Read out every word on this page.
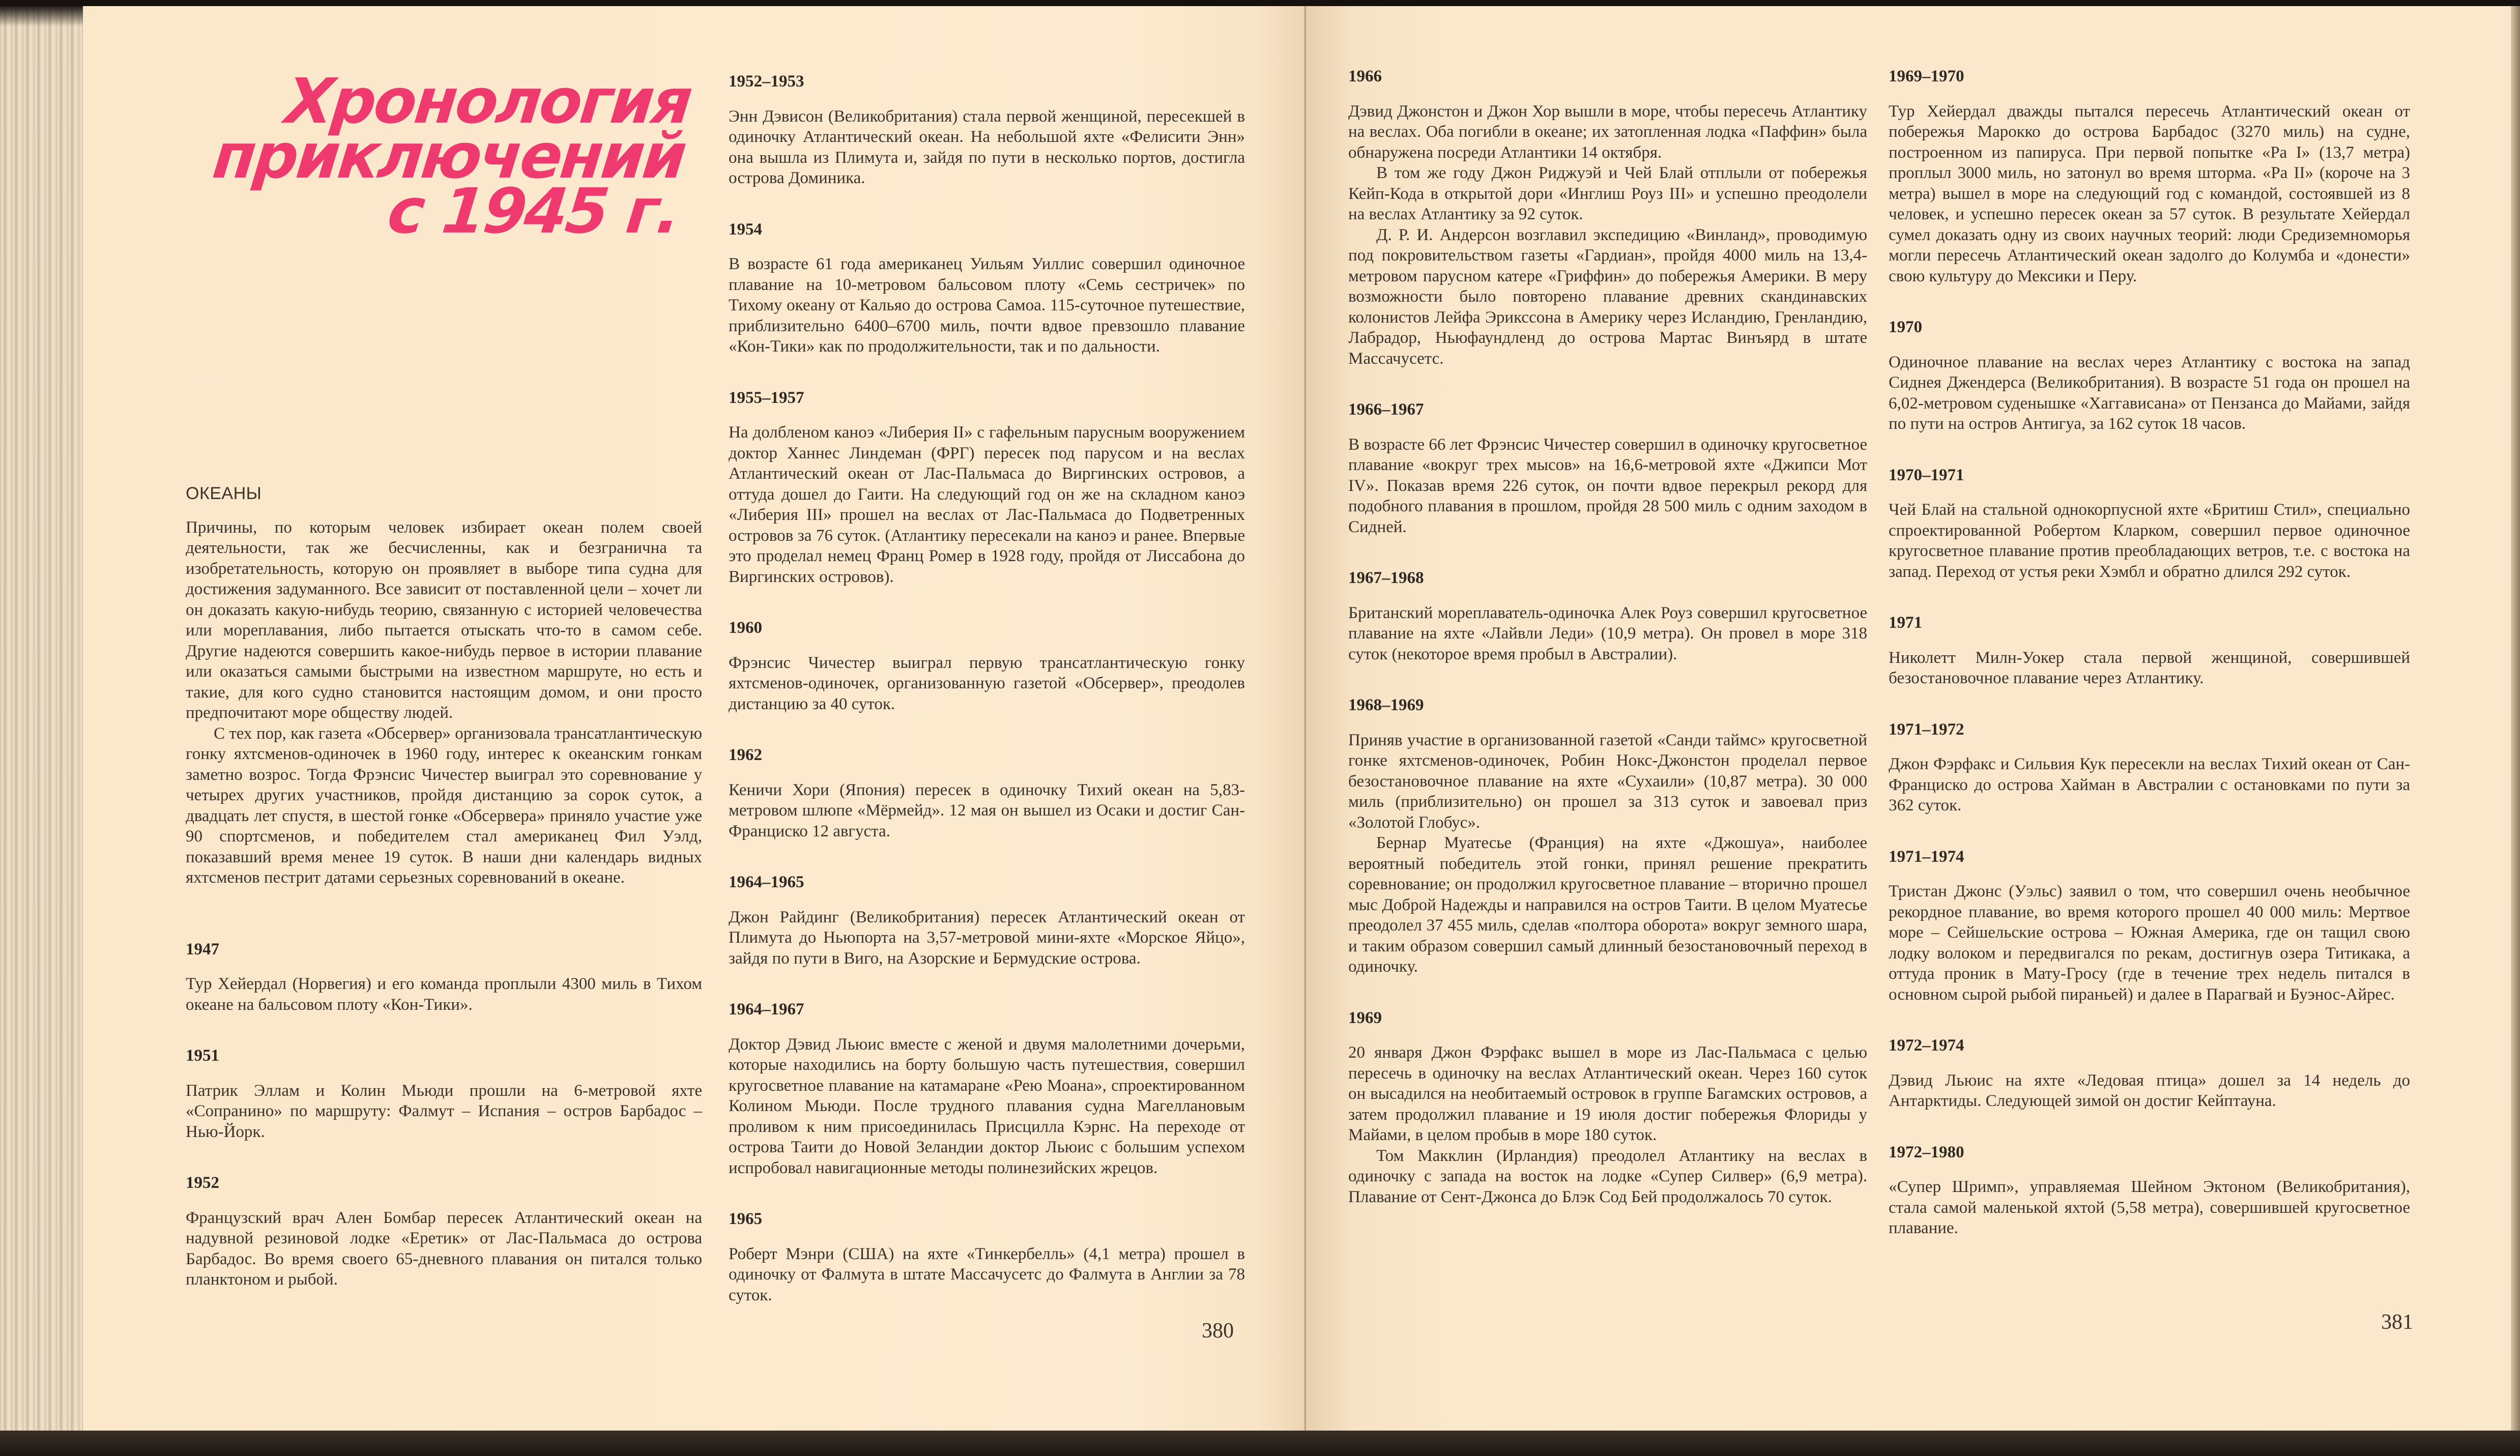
Хронология
приключений
с 1945 г.
ОКЕАНЫ

Причины, по которым человек избирает океан полем своей деятельности, так же бесчисленны, как и безгранична та изобретательность, которую он проявляет в выборе типа судна для достижения задуманного. Все зависит от поставленной цели – хочет ли он доказать какую-нибудь теорию, связанную с историей человечества или мореплавания, либо пытается отыскать что-то в самом себе. Другие надеются совершить какое-нибудь первое в истории плавание или оказаться самыми быстрыми на известном маршруте, но есть и такие, для кого судно становится настоящим домом, и они просто предпочитают море обществу людей.

С тех пор, как газета «Обсервер» организовала трансатлантическую гонку яхтсменов-одиночек в 1960 году, интерес к океанским гонкам заметно возрос. Тогда Фрэнсис Чичестер выиграл это соревнование у четырех других участников, пройдя дистанцию за сорок суток, а двадцать лет спустя, в шестой гонке «Обсервера» приняло участие уже 90 спортсменов, и победителем стал американец Фил Уэлд, показавший время менее 19 суток. В наши дни календарь видных яхтсменов пестрит датами серьезных соревнований в океане.

1947

Тур Хейердал (Норвегия) и его команда проплыли 4300 миль в Тихом океане на бальсовом плоту «Кон-Тики».

1951

Патрик Эллам и Колин Мьюди прошли на 6-метровой яхте «Сопранино» по маршруту: Фалмут – Испания – остров Барбадос – Нью-Йорк.

1952

Французский врач Ален Бомбар пересек Атлантический океан на надувной резиновой лодке «Еретик» от Лас-Пальмаса до острова Барбадос. Во время своего 65-дневного плавания он питался только планктоном и рыбой.

1952–1953

Энн Дэвисон (Великобритания) стала первой женщиной, пересекшей в одиночку Атлантический океан. На небольшой яхте «Фелисити Энн» она вышла из Плимута и, зайдя по пути в несколько портов, достигла острова Доминика.

1954

В возрасте 61 года американец Уильям Уиллис совершил одиночное плавание на 10-метровом бальсовом плоту «Семь сестричек» по Тихому океану от Кальяо до острова Самоа. 115-суточное путешествие, приблизительно 6400–6700 миль, почти вдвое превзошло плавание «Кон-Тики» как по продолжительности, так и по дальности.

1955–1957

На долбленом каноэ «Либерия II» с гафельным парусным вооружением доктор Ханнес Линдеман (ФРГ) пересек под парусом и на веслах Атлантический океан от Лас-Пальмаса до Виргинских островов, а оттуда дошел до Гаити. На следующий год он же на складном каноэ «Либерия III» прошел на веслах от Лас-Пальмаса до Подветренных островов за 76 суток. (Атлантику пересекали на каноэ и ранее. Впервые это проделал немец Франц Ромер в 1928 году, пройдя от Лиссабона до Виргинских островов).

1960

Фрэнсис Чичестер выиграл первую трансатлантическую гонку яхтсменов-одиночек, организованную газетой «Обсервер», преодолев дистанцию за 40 суток.

1962

Кеничи Хори (Япония) пересек в одиночку Тихий океан на 5,83-метровом шлюпе «Мёрмейд». 12 мая он вышел из Осаки и достиг Сан-Франциско 12 августа.

1964–1965

Джон Райдинг (Великобритания) пересек Атлантический океан от Плимута до Ньюпорта на 3,57-метровой мини-яхте «Морское Яйцо», зайдя по пути в Виго, на Азорские и Бермудские острова.

1964–1967

Доктор Дэвид Льюис вместе с женой и двумя малолетними дочерьми, которые находились на борту большую часть путешествия, совершил кругосветное плавание на катамаране «Рею Моана», спроектированном Колином Мьюди. После трудного плавания судна Магеллановым проливом к ним присоединилась Присцилла Кэрнс. На переходе от острова Таити до Новой Зеландии доктор Льюис с большим успехом испробовал навигационные методы полинезийских жрецов.

1965

Роберт Мэнри (США) на яхте «Тинкербелль» (4,1 метра) прошел в одиночку от Фалмута в штате Массачусетс до Фалмута в Англии за 78 суток.

1966

Дэвид Джонстон и Джон Хор вышли в море, чтобы пересечь Атлантику на веслах. Оба погибли в океане; их затопленная лодка «Паффин» была обнаружена посреди Атлантики 14 октября.

В том же году Джон Риджуэй и Чей Блай отплыли от побережья Кейп-Кода в открытой дори «Инглиш Роуз III» и успешно преодолели на веслах Атлантику за 92 суток.

Д. Р. И. Андерсон возглавил экспедицию «Винланд», проводимую под покровительством газеты «Гардиан», пройдя 4000 миль на 13,4-метровом парусном катере «Гриффин» до побережья Америки. В меру возможности было повторено плавание древних скандинавских колонистов Лейфа Эриксcона в Америку через Исландию, Гренландию, Лабрадор, Ньюфаундленд до острова Мартас Винъярд в штате Массачусетс.

1966–1967

В возрасте 66 лет Фрэнсис Чичестер совершил в одиночку кругосветное плавание «вокруг трех мысов» на 16,6-метровой яхте «Джипси Мот IV». Показав время 226 суток, он почти вдвое перекрыл рекорд для подобного плавания в прошлом, пройдя 28 500 миль с одним заходом в Сидней.

1967–1968

Британский мореплаватель-одиночка Алек Роуз совершил кругосветное плавание на яхте «Лайвли Леди» (10,9 метра). Он провел в море 318 суток (некоторое время пробыл в Австралии).

1968–1969

Приняв участие в организованной газетой «Санди таймс» кругосветной гонке яхтсменов-одиночек, Робин Нокс-Джонстон проделал первое безостановочное плавание на яхте «Сухаили» (10,87 метра). 30 000 миль (приблизительно) он прошел за 313 суток и завоевал приз «Золотой Глобус».

Бернар Муатесье (Франция) на яхте «Джошуа», наиболее вероятный победитель этой гонки, принял решение прекратить соревнование; он продолжил кругосветное плавание – вторично прошел мыс Доброй Надежды и направился на остров Таити. В целом Муатесье преодолел 37 455 миль, сделав «полтора оборота» вокруг земного шара, и таким образом совершил самый длинный безостановочный переход в одиночку.

1969

20 января Джон Фэрфакс вышел в море из Лас-Пальмаса с целью пересечь в одиночку на веслах Атлантический океан. Через 160 суток он высадился на необитаемый островок в группе Багамских островов, а затем продолжил плавание и 19 июля достиг побережья Флориды у Майами, в целом пробыв в море 180 суток.

Том Макклин (Ирландия) преодолел Атлантику на веслах в одиночку с запада на восток на лодке «Супер Силвер» (6,9 метра). Плавание от Сент-Джонса до Блэк Сод Бей продолжалось 70 суток.

1969–1970

Тур Хейердал дважды пытался пересечь Атлантический океан от побережья Марокко до острова Барбадос (3270 миль) на судне, построенном из папируса. При первой попытке «Ра I» (13,7 метра) проплыл 3000 миль, но затонул во время шторма. «Ра II» (короче на 3 метра) вышел в море на следующий год с командой, состоявшей из 8 человек, и успешно пересек океан за 57 суток. В результате Хейердал сумел доказать одну из своих научных теорий: люди Средиземноморья могли пересечь Атлантический океан задолго до Колумба и «донести» свою культуру до Мексики и Перу.

1970

Одиночное плавание на веслах через Атлантику с востока на запад Сиднея Джендерса (Великобритания). В возрасте 51 года он прошел на 6,02-метровом суденышке «Хаггависана» от Пензанса до Майами, зайдя по пути на остров Антигуа, за 162 суток 18 часов.

1970–1971

Чей Блай на стальной однокорпусной яхте «Бритиш Стил», специально спроектированной Робертом Кларком, совершил первое одиночное кругосветное плавание против преобладающих ветров, т.е. с востока на запад. Переход от устья реки Хэмбл и обратно длился 292 суток.

1971

Николетт Милн-Уокер стала первой женщиной, совершившей безостановочное плавание через Атлантику.

1971–1972

Джон Фэрфакс и Сильвия Кук пересекли на веслах Тихий океан от Сан-Франциско до острова Хайман в Австралии с остановками по пути за 362 суток.

1971–1974

Тристан Джонс (Уэльс) заявил о том, что совершил очень необычное рекордное плавание, во время которого прошел 40 000 миль: Мертвое море – Сейшельские острова – Южная Америка, где он тащил свою лодку волоком и передвигался по рекам, достигнув озера Титикака, а оттуда проник в Мату-Гросу (где в течение трех недель питался в основном сырой рыбой пираньей) и далее в Парагвай и Буэнос-Айрес.

1972–1974

Дэвид Льюис на яхте «Ледовая птица» дошел за 14 недель до Антарктиды. Следующей зимой он достиг Кейптауна.

1972–1980

«Супер Шримп», управляемая Шейном Эктоном (Великобритания), стала самой маленькой яхтой (5,58 метра), совершившей кругосветное плавание.

380	381
